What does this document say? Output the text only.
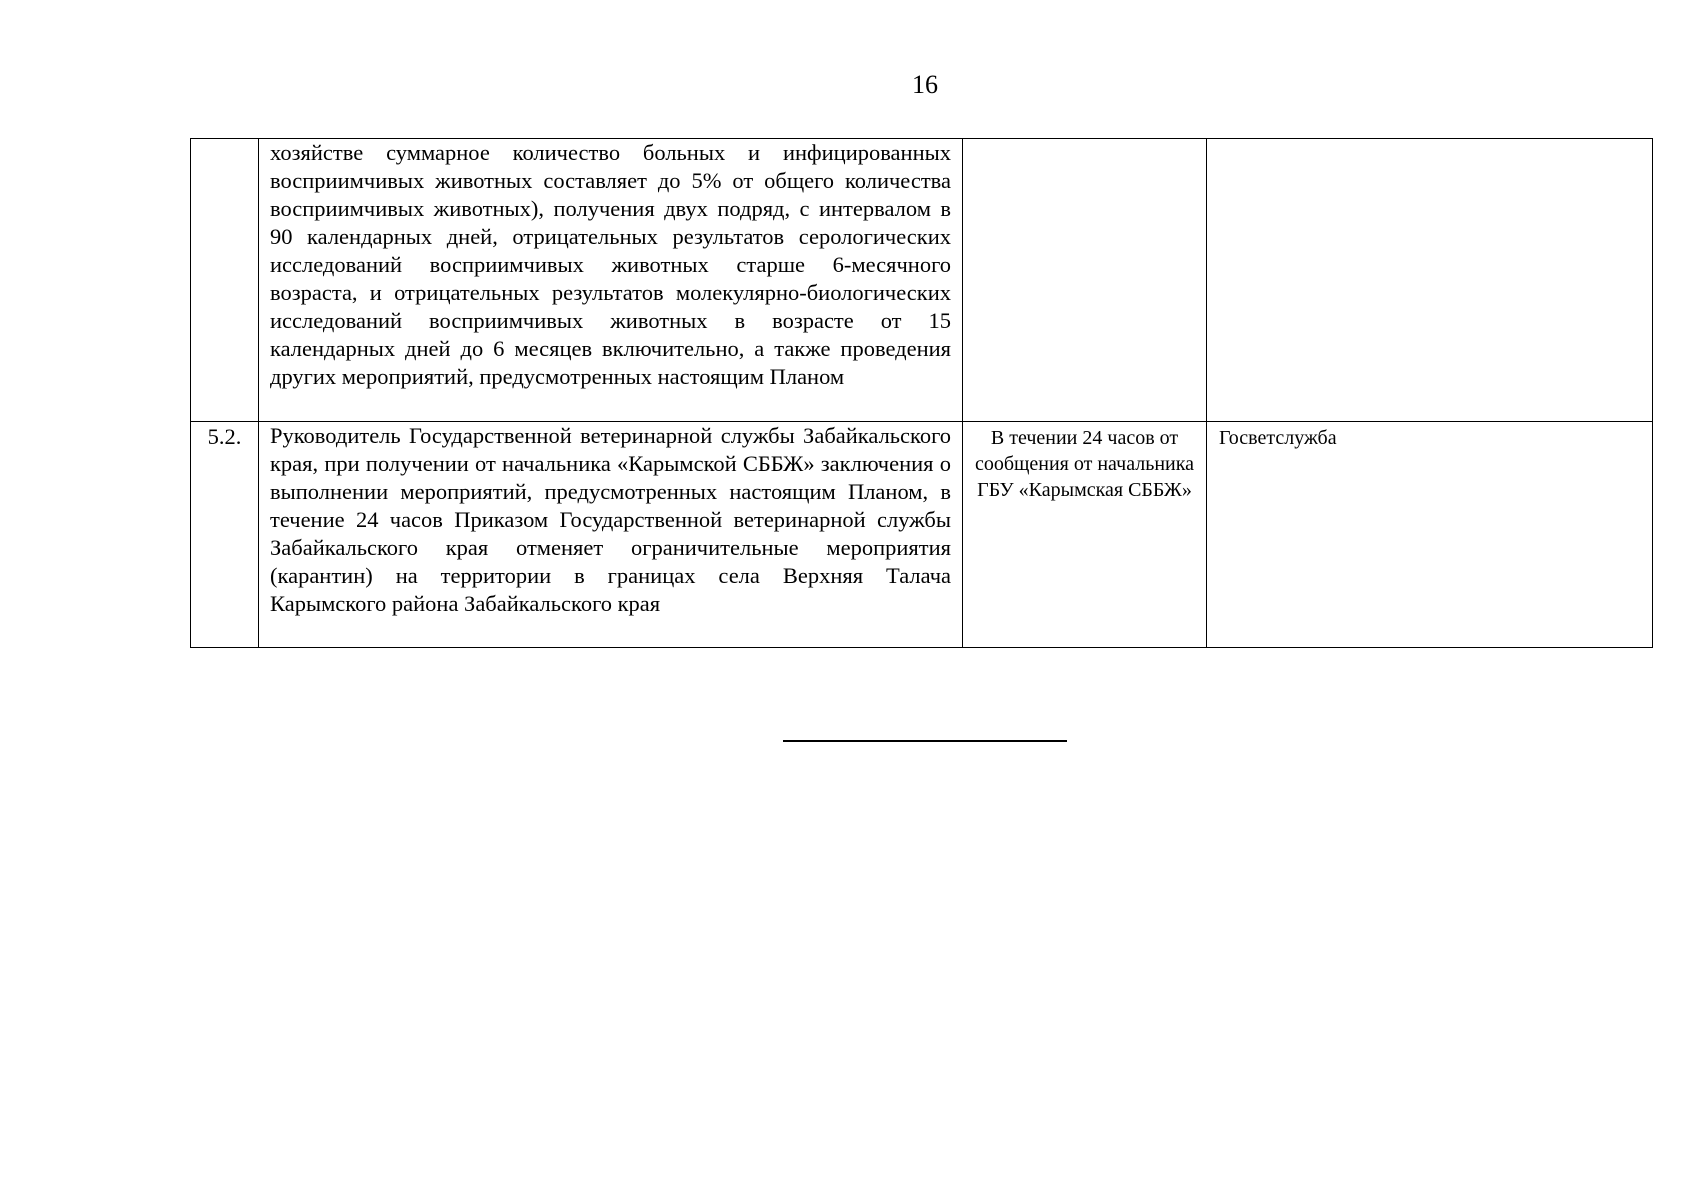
16
	хозяйстве суммарное количество больных и инфицированных восприимчивых животных составляет до 5% от общего количества восприимчивых животных), получения двух подряд, с интервалом в 90 календарных дней, отрицательных результатов серологических исследований восприимчивых животных старше 6-месячного возраста, и отрицательных результатов молекулярно-биологических исследований восприимчивых животных в возрасте от 15 календарных дней до 6 месяцев включительно, а также проведения других мероприятий, предусмотренных настоящим Планом		
5.2.	Руководитель Государственной ветеринарной службы Забайкальского края, при получении от начальника «Карымской СББЖ» заключения о выполнении мероприятий, предусмотренных настоящим Планом, в течение 24 часов Приказом Государственной ветеринарной службы Забайкальского края отменяет ограничительные мероприятия (карантин) на территории в границах села Верхняя Талача Карымского района Забайкальского края	В течении 24 часов от сообщения от начальника ГБУ «Карымская СББЖ»	Госветслужба
